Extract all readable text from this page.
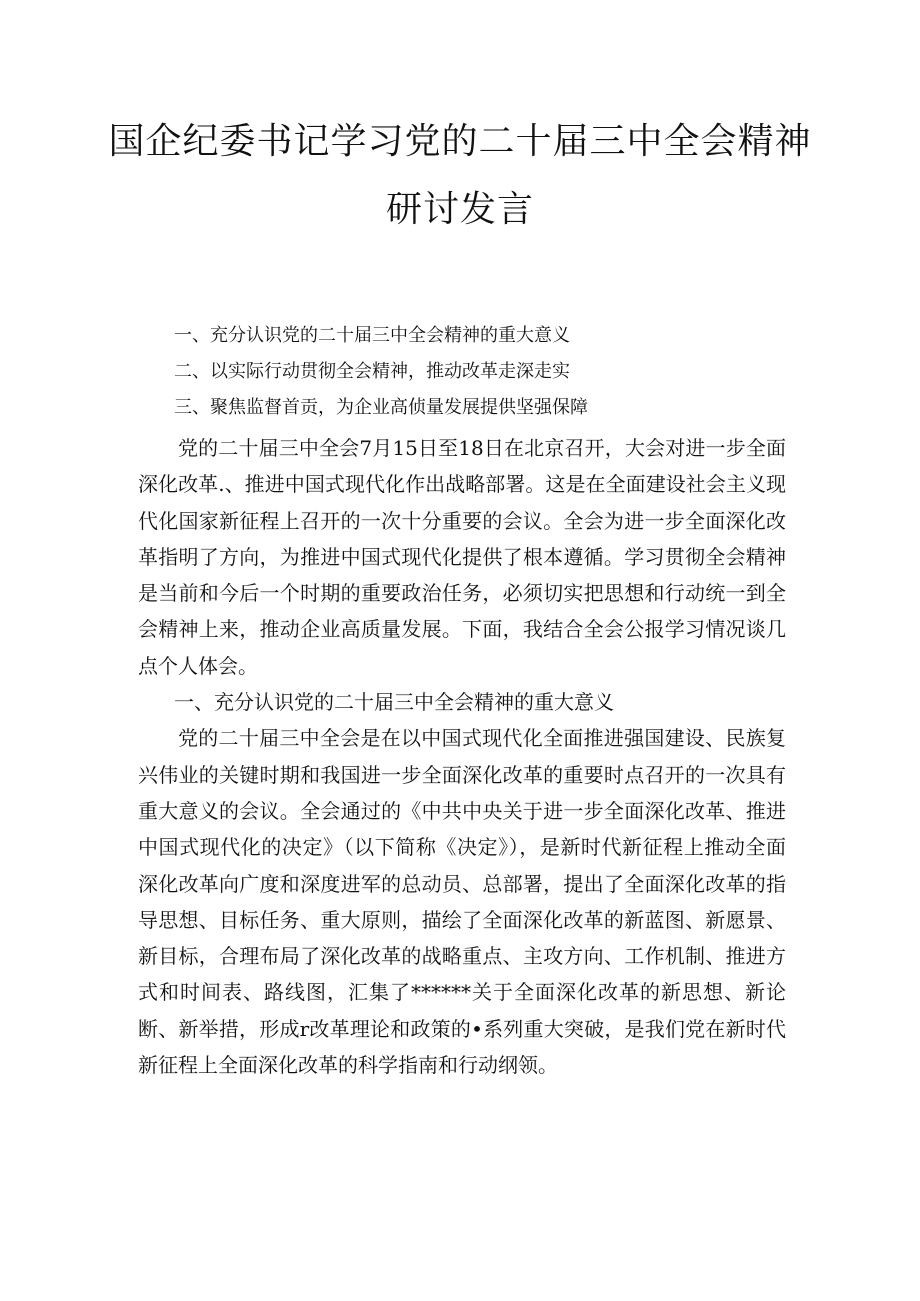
国企纪委书记学习党的二十届三中全会精神研讨发言
一、充分认识党的二十届三中全会精神的重大意义
二、以实际行动贯彻全会精神，推动改革走深走实
三、聚焦监督首贡，为企业高侦量发展提供坚强保障

党的二十届三中全会7月15日至18日在北京召开，大会对进一步全面深化改革.、推进中国式现代化作出战略部署。这是在全面建设社会主义现代化国家新征程上召开的一次十分重要的会议。全会为进一步全面深化改革指明了方向，为推进中国式现代化提供了根本遵循。学习贯彻全会精神是当前和今后一个时期的重要政治任务，必须切实把思想和行动统一到全会精神上来，推动企业高质量发展。下面，我结合全会公报学习情况谈几点个人体会。

一、充分认识党的二十届三中全会精神的重大意义

党的二十届三中全会是在以中国式现代化全面推进强国建设、民族复兴伟业的关键时期和我国进一步全面深化改革的重要时点召开的一次具有重大意义的会议。全会通过的《中共中央关于进一步全面深化改革、推进中国式现代化的决定》（以下简称《决定》），是新时代新征程上推动全面深化改革向广度和深度进军的总动员、总部署，提出了全面深化改革的指导思想、目标任务、重大原则，描绘了全面深化改革的新蓝图、新愿景、新目标，合理布局了深化改革的战略重点、主攻方向、工作机制、推进方式和时间表、路线图，汇集了******关于全面深化改革的新思想、新论断、新举措，形成r改革理论和政策的•系列重大突破，是我们党在新时代新征程上全面深化改革的科学指南和行动纲领。
